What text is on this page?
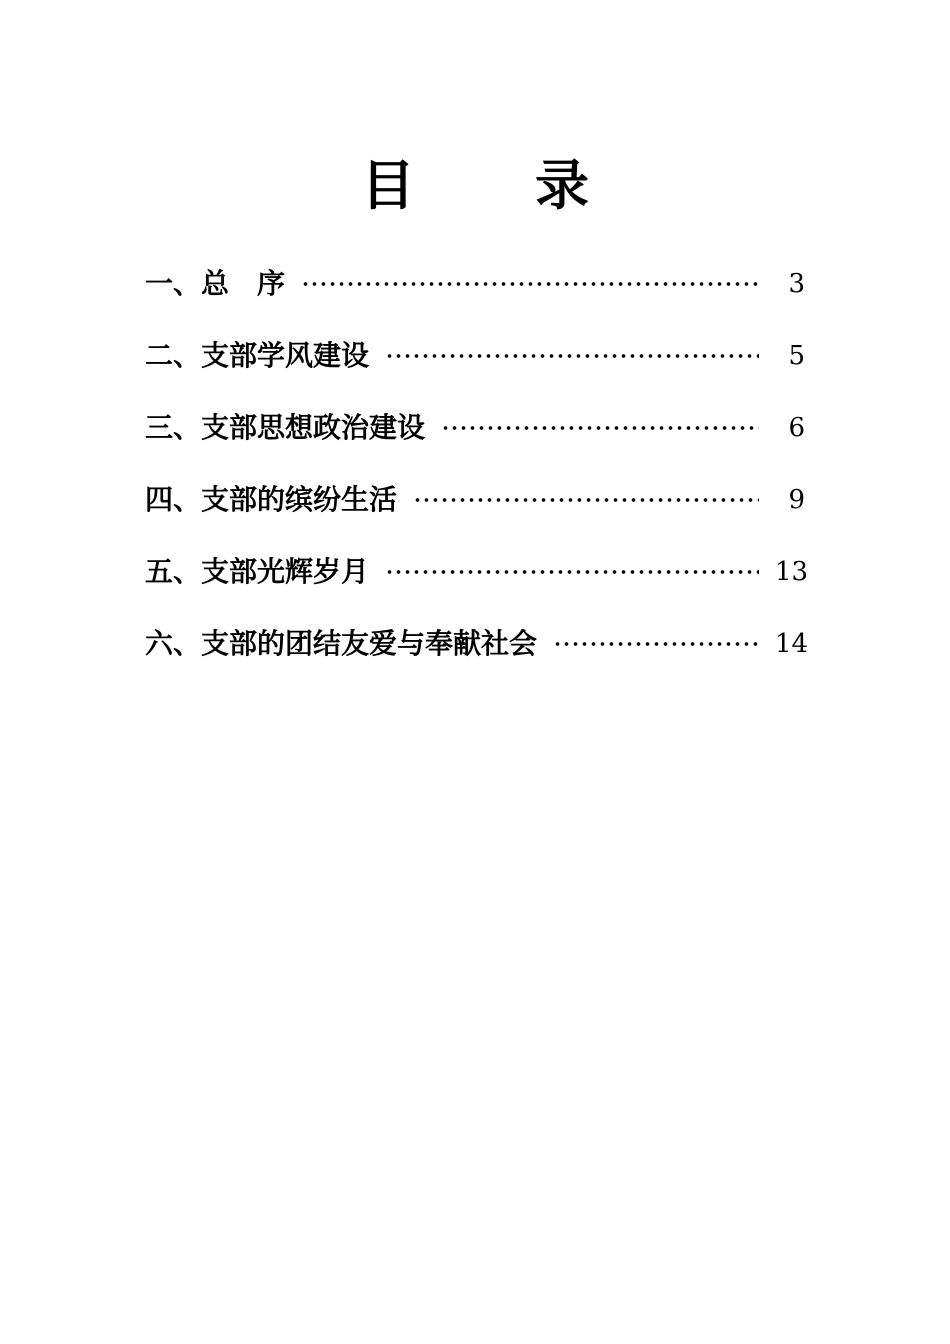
目录
一、总　序	3
二、支部学风建设	5
三、支部思想政治建设	6
四、支部的缤纷生活	9
五、支部光辉岁月	13
六、支部的团结友爱与奉献社会	14
